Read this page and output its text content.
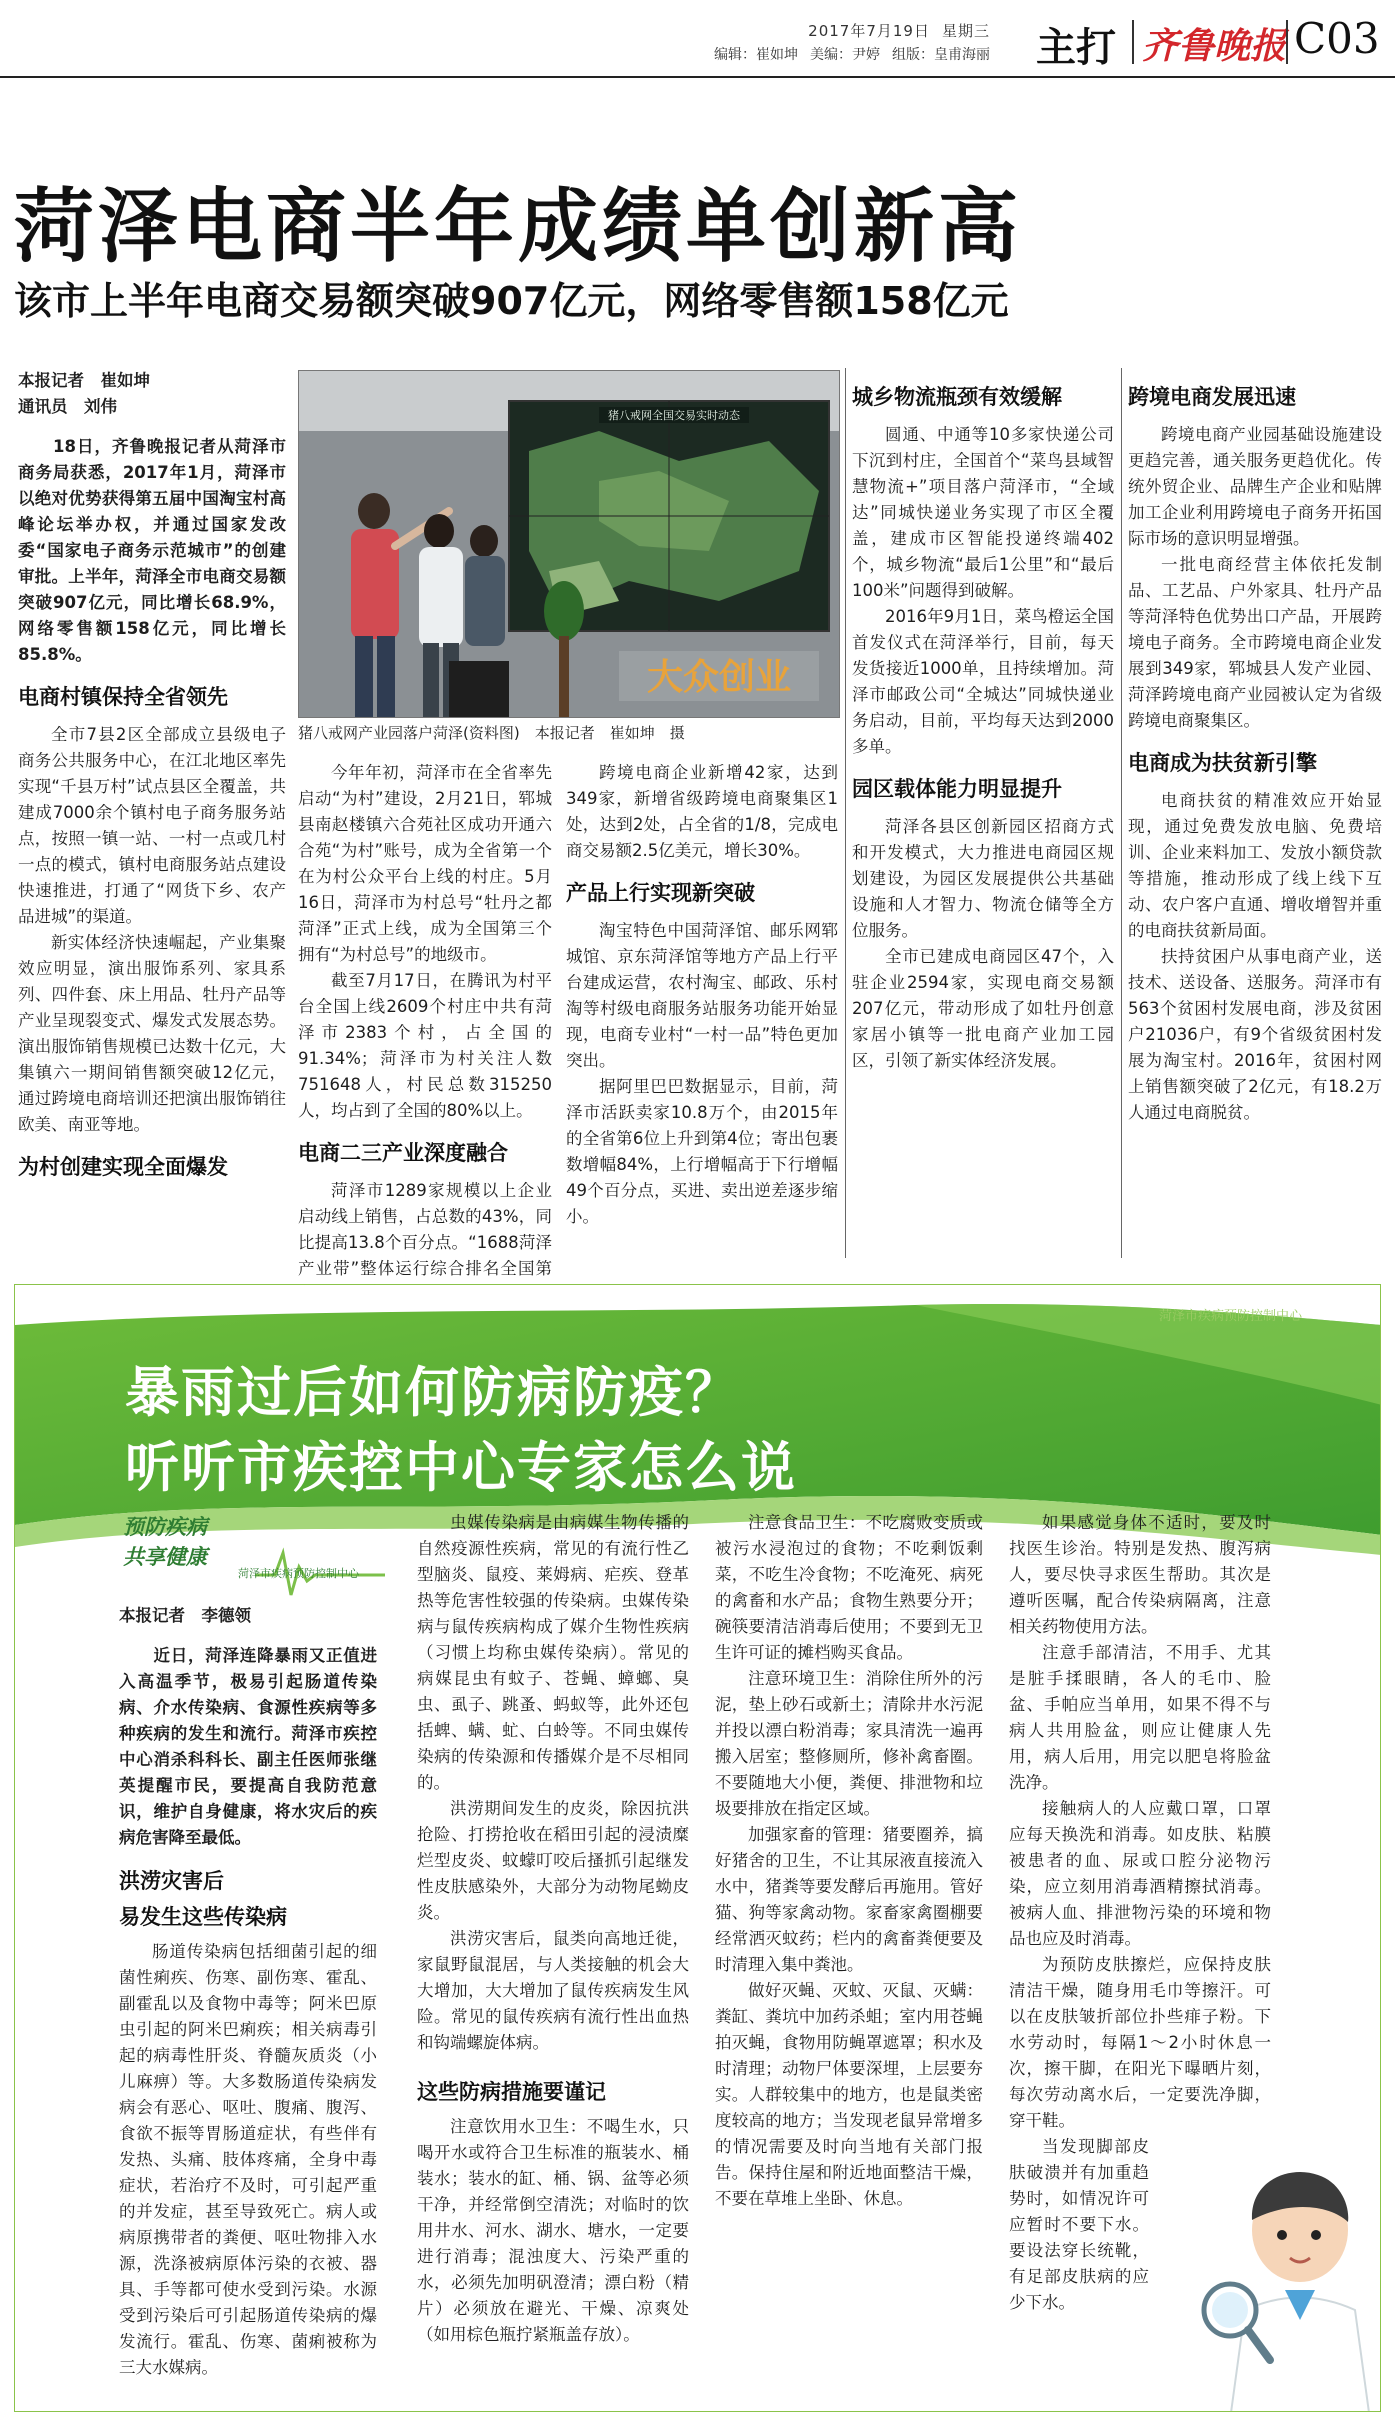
2017年7月19日 星期三
编辑：崔如坤 美编：尹婷 组版：皇甫海丽 主打 齐鲁晚报 C03
菏泽电商半年成绩单创新高
该市上半年电商交易额突破907亿元，网络零售额158亿元
猪八戒网全国交易实时动态
大众创业
猪八戒网产业园落户菏泽(资料图)　本报记者　崔如坤　摄
本报记者　崔如坤
通讯员　刘伟

　　18日，齐鲁晚报记者从菏泽市商务局获悉，2017年1月，菏泽市以绝对优势获得第五届中国淘宝村高峰论坛举办权，并通过国家发改委“国家电子商务示范城市”的创建审批。上半年，菏泽全市电商交易额突破907亿元，同比增长68.9%，网络零售额158亿元，同比增长85.8%。

电商村镇保持全省领先

全市7县2区全部成立县级电子商务公共服务中心，在江北地区率先实现“千县万村”试点县区全覆盖，共建成7000余个镇村电子商务服务站点，按照一镇一站、一村一点或几村一点的模式，镇村电商服务站点建设快速推进，打通了“网货下乡、农产品进城”的渠道。

新实体经济快速崛起，产业集聚效应明显，演出服饰系列、家具系列、四件套、床上用品、牡丹产品等产业呈现裂变式、爆发式发展态势。演出服饰销售规模已达数十亿元，大集镇六一期间销售额突破12亿元，通过跨境电商培训还把演出服饰销往欧美、南亚等地。

为村创建实现全面爆发

今年年初，菏泽市在全省率先启动“为村”建设，2月21日，郓城县南赵楼镇六合苑社区成功开通六合苑“为村”账号，成为全省第一个在为村公众平台上线的村庄。5月16日，菏泽市为村总号“牡丹之都菏泽”正式上线，成为全国第三个拥有“为村总号”的地级市。

截至7月17日，在腾讯为村平台全国上线2609个村庄中共有菏泽市2383个村，占全国的91.34%；菏泽市为村关注人数751648人，村民总数315250人，均占到了全国的80%以上。

电商二三产业深度融合

菏泽市1289家规模以上企业启动线上销售，占总数的43%，同比提高13.8个百分点。“1688菏泽产业带”整体运行综合排名全国第

跨境电商企业新增42家，达到349家，新增省级跨境电商聚集区1处，达到2处，占全省的1/8，完成电商交易额2.5亿美元，增长30%。

产品上行实现新突破

淘宝特色中国菏泽馆、邮乐网郓城馆、京东菏泽馆等地方产品上行平台建成运营，农村淘宝、邮政、乐村淘等村级电商服务站服务功能开始显现，电商专业村“一村一品”特色更加突出。

据阿里巴巴数据显示，目前，菏泽市活跃卖家10.8万个，由2015年的全省第6位上升到第4位；寄出包裹数增幅84%，上行增幅高于下行增幅49个百分点，买进、卖出逆差逐步缩小。

城乡物流瓶颈有效缓解

圆通、中通等10多家快递公司下沉到村庄，全国首个“菜鸟县域智慧物流+”项目落户菏泽市，“全域达”同城快递业务实现了市区全覆盖，建成市区智能投递终端402个，城乡物流“最后1公里”和“最后100米”问题得到破解。

2016年9月1日，菜鸟橙运全国首发仪式在菏泽举行，目前，每天发货接近1000单，且持续增加。菏泽市邮政公司“全城达”同城快递业务启动，目前，平均每天达到2000多单。

园区载体能力明显提升

菏泽各县区创新园区招商方式和开发模式，大力推进电商园区规划建设，为园区发展提供公共基础设施和人才智力、物流仓储等全方位服务。

全市已建成电商园区47个，入驻企业2594家，实现电商交易额207亿元，带动形成了如牡丹创意家居小镇等一批电商产业加工园区，引领了新实体经济发展。

跨境电商发展迅速

跨境电商产业园基础设施建设更趋完善，通关服务更趋优化。传统外贸企业、品牌生产企业和贴牌加工企业利用跨境电子商务开拓国际市场的意识明显增强。

一批电商经营主体依托发制品、工艺品、户外家具、牡丹产品等菏泽特色优势出口产品，开展跨境电子商务。全市跨境电商企业发展到349家，郓城县人发产业园、菏泽跨境电商产业园被认定为省级跨境电商聚集区。

电商成为扶贫新引擎

电商扶贫的精准效应开始显现，通过免费发放电脑、免费培训、企业来料加工、发放小额贷款等措施，推动形成了线上线下互动、农户客户直通、增收增智并重的电商扶贫新局面。

扶持贫困户从事电商产业，送技术、送设备、送服务。菏泽市有563个贫困村发展电商，涉及贫困户21036户，有9个省级贫困村发展为淘宝村。2016年，贫困村网上销售额突破了2亿元，有18.2万人通过电商脱贫。

菏泽市疾病预防控制中心
暴雨过后如何防病防疫？
听听市疾控中心专家怎么说
预防疾病
共享健康
菏泽市疾病预防控制中心
本报记者　李德领

　　近日，菏泽连降暴雨又正值进入高温季节，极易引起肠道传染病、介水传染病、食源性疾病等多种疾病的发生和流行。菏泽市疾控中心消杀科科长、副主任医师张继英提醒市民，要提高自我防范意识，维护自身健康，将水灾后的疾病危害降至最低。

洪涝灾害后
易发生这些传染病

肠道传染病包括细菌引起的细菌性痢疾、伤寒、副伤寒、霍乱、副霍乱以及食物中毒等；阿米巴原虫引起的阿米巴痢疾；相关病毒引起的病毒性肝炎、脊髓灰质炎（小儿麻痹）等。大多数肠道传染病发病会有恶心、呕吐、腹痛、腹泻、食欲不振等胃肠道症状，有些伴有发热、头痛、肢体疼痛，全身中毒症状，若治疗不及时，可引起严重的并发症，甚至导致死亡。病人或病原携带者的粪便、呕吐物排入水源，洗涤被病原体污染的衣被、器具、手等都可使水受到污染。水源受到污染后可引起肠道传染病的爆发流行。霍乱、伤寒、菌痢被称为三大水媒病。

虫媒传染病是由病媒生物传播的自然疫源性疾病，常见的有流行性乙型脑炎、鼠疫、莱姆病、疟疾、登革热等危害性较强的传染病。虫媒传染病与鼠传疾病构成了媒介生物性疾病（习惯上均称虫媒传染病）。常见的病媒昆虫有蚊子、苍蝇、蟑螂、臭虫、虱子、跳蚤、蚂蚁等，此外还包括蜱、螨、虻、白蛉等。不同虫媒传染病的传染源和传播媒介是不尽相同的。

洪涝期间发生的皮炎，除因抗洪抢险、打捞抢收在稻田引起的浸渍糜烂型皮炎、蚊蠓叮咬后搔抓引起继发性皮肤感染外，大部分为动物尾蚴皮炎。

洪涝灾害后，鼠类向高地迁徙，家鼠野鼠混居，与人类接触的机会大大增加，大大增加了鼠传疾病发生风险。常见的鼠传疾病有流行性出血热和钩端螺旋体病。

这些防病措施要谨记

注意饮用水卫生：不喝生水，只喝开水或符合卫生标准的瓶装水、桶装水；装水的缸、桶、锅、盆等必须干净，并经常倒空清洗；对临时的饮用井水、河水、湖水、塘水，一定要进行消毒；混浊度大、污染严重的水，必须先加明矾澄清；漂白粉（精片）必须放在避光、干燥、凉爽处（如用棕色瓶拧紧瓶盖存放）。

注意食品卫生：不吃腐败变质或被污水浸泡过的食物；不吃剩饭剩菜，不吃生冷食物；不吃淹死、病死的禽畜和水产品；食物生熟要分开；碗筷要清洁消毒后使用；不要到无卫生许可证的摊档购买食品。

注意环境卫生：消除住所外的污泥，垫上砂石或新土；清除井水污泥并投以漂白粉消毒；家具清洗一遍再搬入居室；整修厕所，修补禽畜圈。不要随地大小便，粪便、排泄物和垃圾要排放在指定区域。

加强家畜的管理：猪要圈养，搞好猪舍的卫生，不让其尿液直接流入水中，猪粪等要发酵后再施用。管好猫、狗等家禽动物。家畜家禽圈棚要经常洒灭蚊药；栏内的禽畜粪便要及时清理入集中粪池。

做好灭蝇、灭蚊、灭鼠、灭螨：粪缸、粪坑中加药杀蛆；室内用苍蝇拍灭蝇，食物用防蝇罩遮罩；积水及时清理；动物尸体要深埋，上层要夯实。人群较集中的地方，也是鼠类密度较高的地方；当发现老鼠异常增多的情况需要及时向当地有关部门报告。保持住屋和附近地面整洁干燥，不要在草堆上坐卧、休息。

如果感觉身体不适时，要及时找医生诊治。特别是发热、腹泻病人，要尽快寻求医生帮助。其次是遵听医嘱，配合传染病隔离，注意相关药物使用方法。

注意手部清洁，不用手、尤其是脏手揉眼睛，各人的毛巾、脸盆、手帕应当单用，如果不得不与病人共用脸盆，则应让健康人先用，病人后用，用完以肥皂将脸盆洗净。

接触病人的人应戴口罩，口罩应每天换洗和消毒。如皮肤、粘膜被患者的血、尿或口腔分泌物污染，应立刻用消毒酒精擦拭消毒。被病人血、排泄物污染的环境和物品也应及时消毒。

为预防皮肤擦烂，应保持皮肤清洁干燥，随身用毛巾等擦汗。可以在皮肤皱折部位扑些痱子粉。下水劳动时，每隔1～2小时休息一次，擦干脚，在阳光下曝晒片刻，每次劳动离水后，一定要洗净脚，穿干鞋。

当发现脚部皮肤破溃并有加重趋势时，如情况许可应暂时不要下水。要设法穿长统靴，有足部皮肤病的应少下水。
